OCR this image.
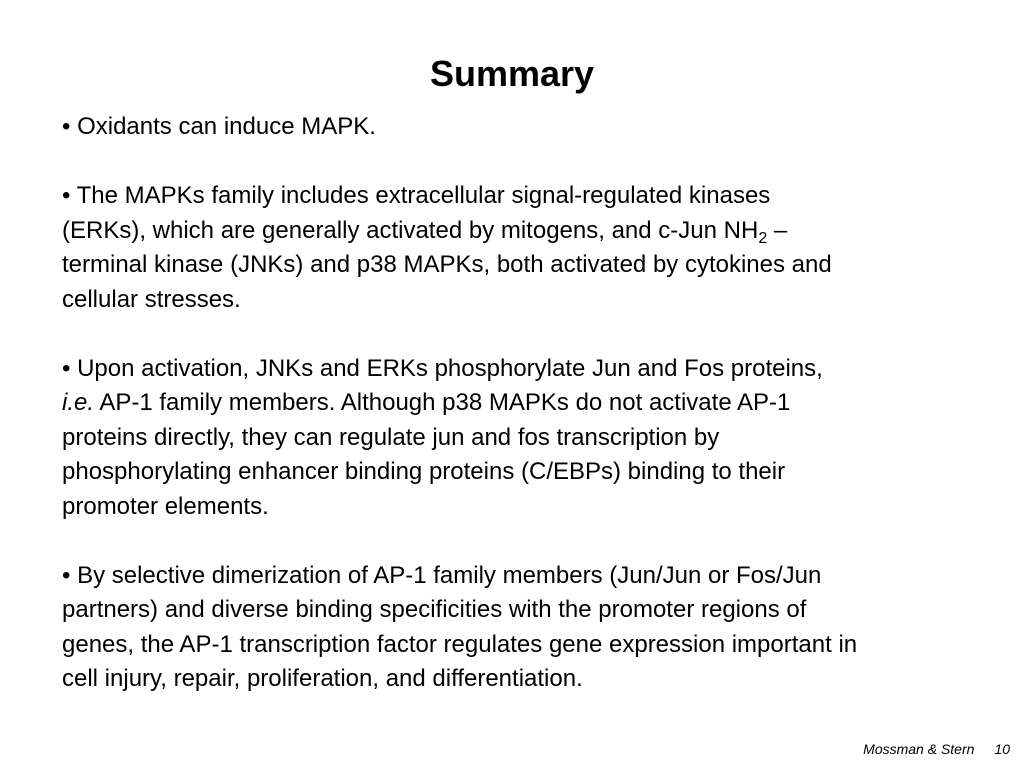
Summary

• Oxidants can induce MAPK.

• The MAPKs family includes extracellular signal-regulated kinases
(ERKs), which are generally activated by mitogens, and c-Jun $NH_2$ –
terminal kinase (JNKs) and p38 MAPKs, both activated by cytokines and
cellular stresses.

• Upon activation, JNKs and ERKs phosphorylate Jun and Fos proteins,
i.e. AP-1 family members. Although p38 MAPKs do not activate AP-1
proteins directly, they can regulate jun and fos transcription by
phosphorylating enhancer binding proteins (C/EBPs) binding to their
promoter elements.

• By selective dimerization of AP-1 family members (Jun/Jun or Fos/Jun
partners) and diverse binding specificities with the promoter regions of
genes, the AP-1 transcription factor regulates gene expression important in
cell injury, repair, proliferation, and differentiation.

Mossman & Stern 10
